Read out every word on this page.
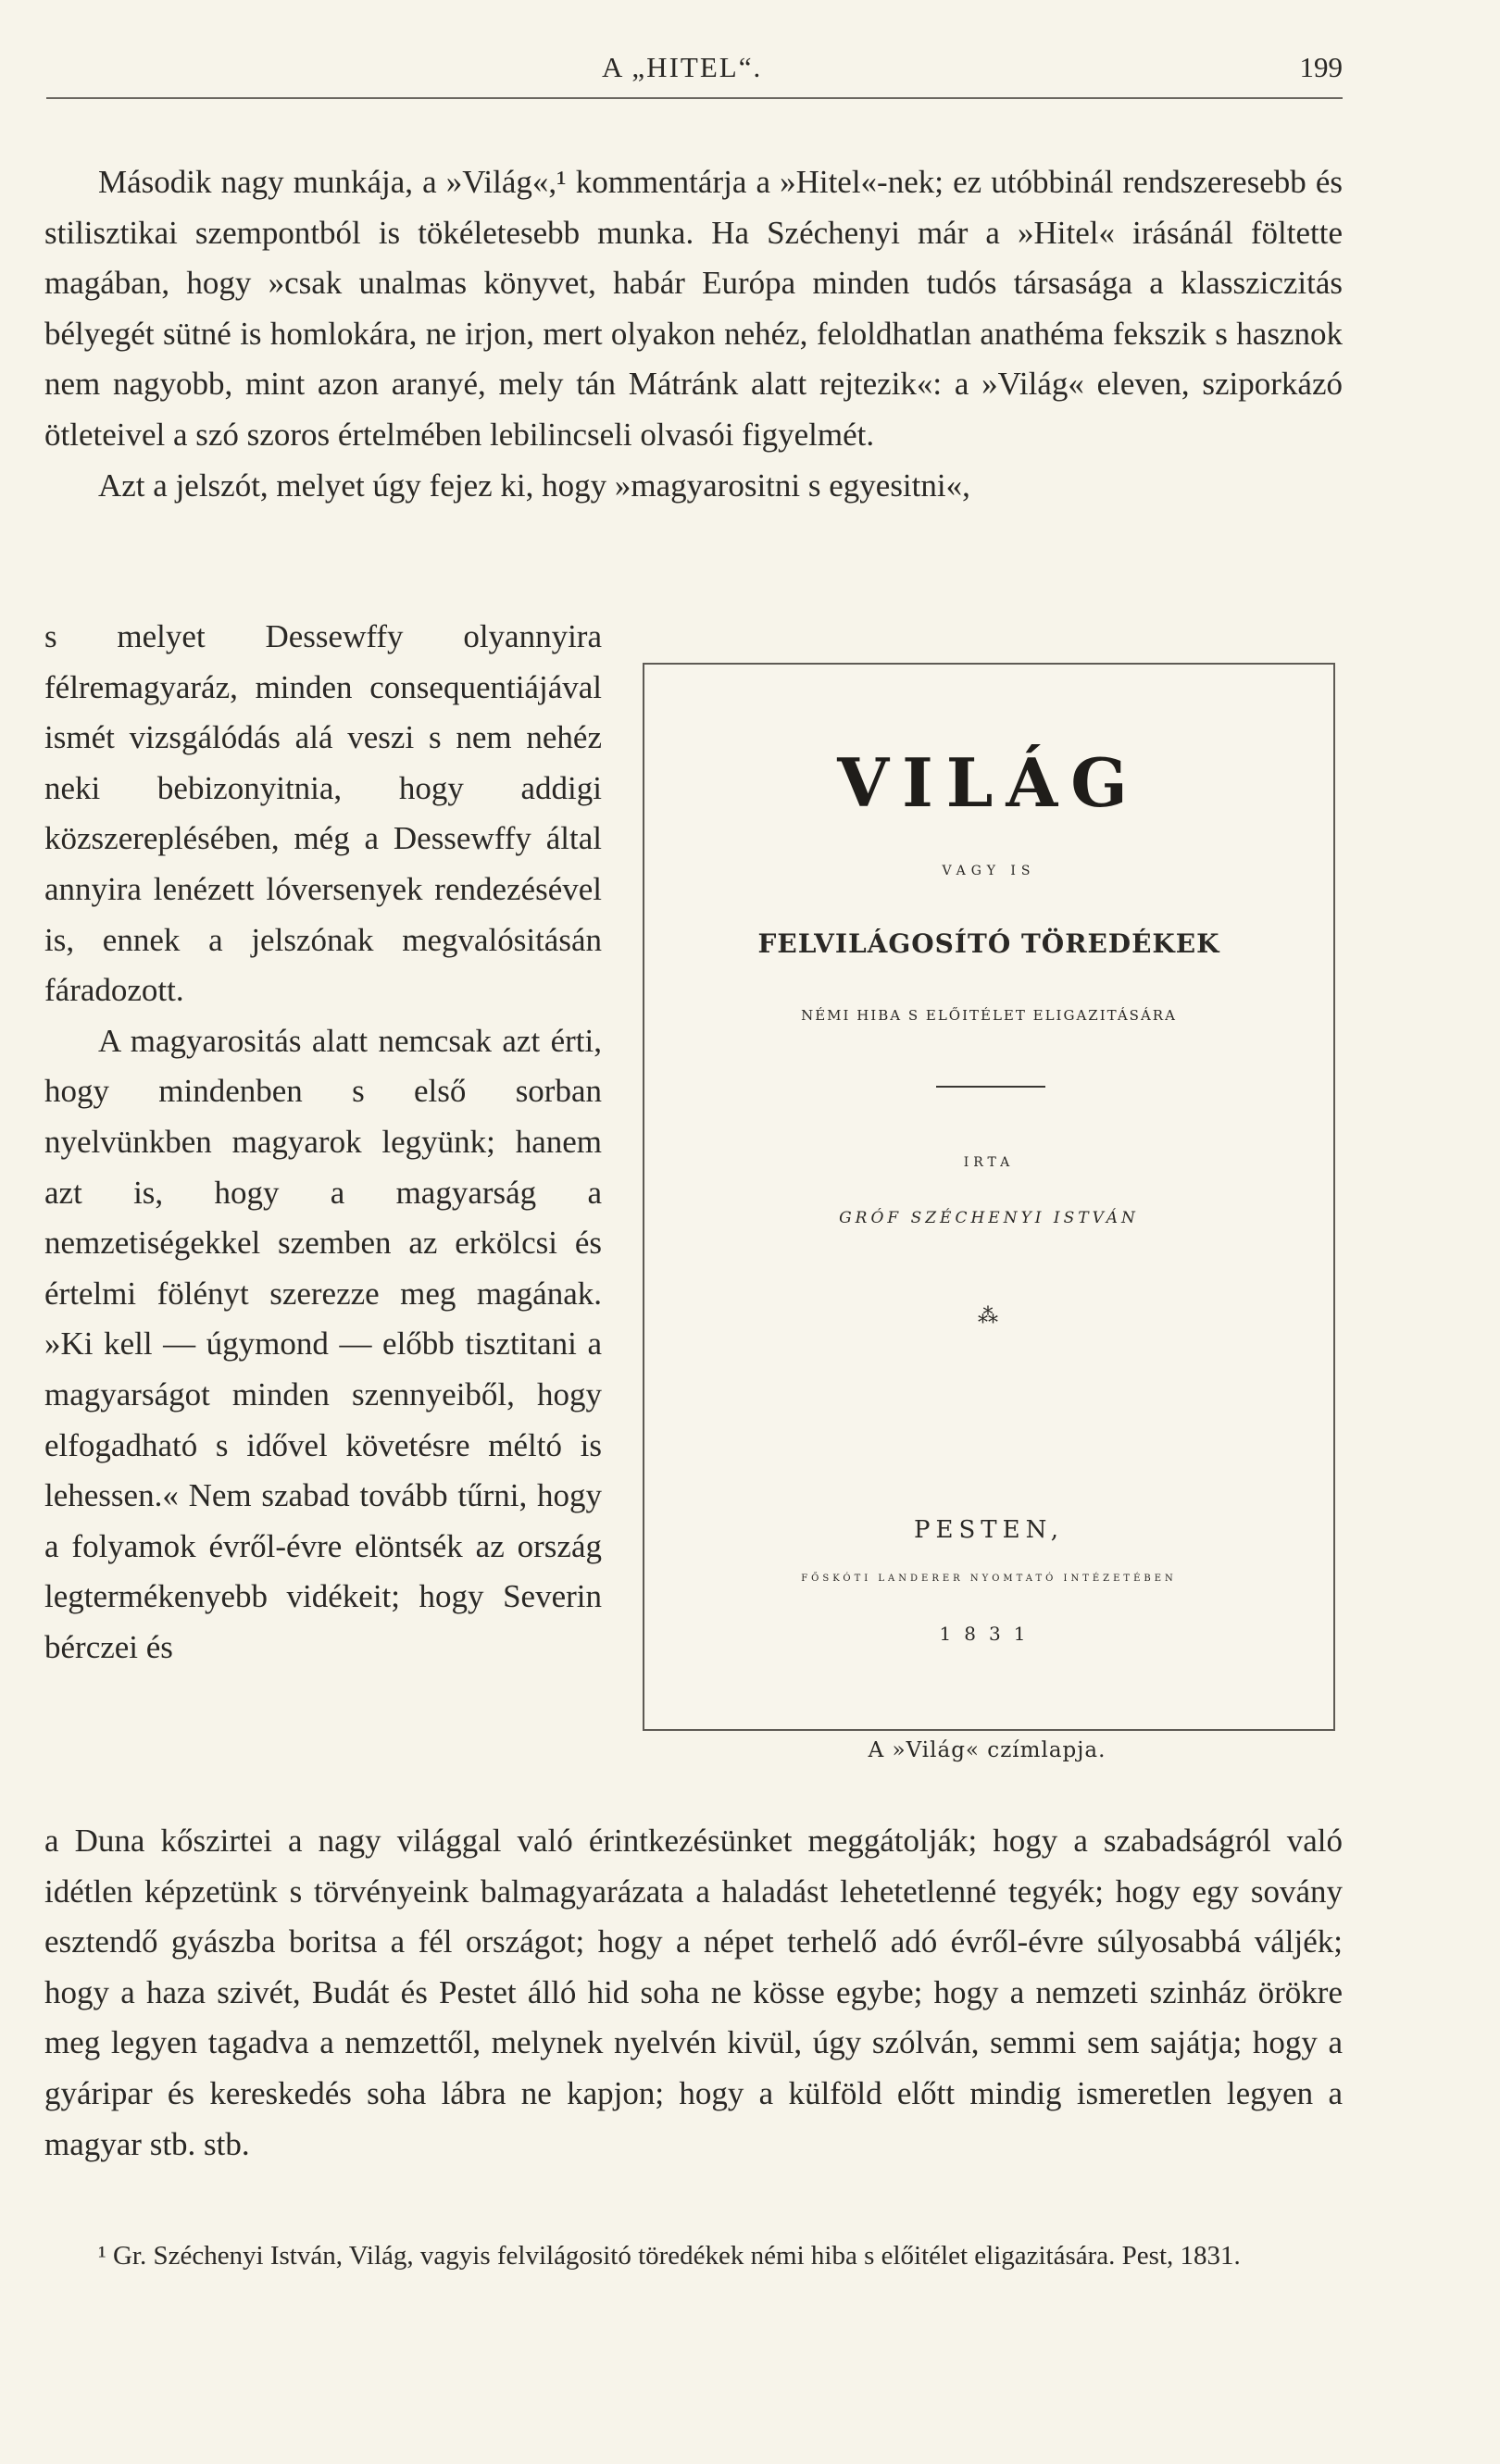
A „HITEL“.	199

Második nagy munkája, a »Világ«,¹ kommentárja a »Hitel«-nek; ez utóbbinál rendszeresebb és stilisztikai szempontból is tökéletesebb munka. Ha Széchenyi már a »Hitel« irásánál föltette magában, hogy »csak unalmas könyvet, habár Európa minden tudós társasága a klassziczitás bélyegét sütné is homlokára, ne irjon, mert olyakon nehéz, feloldhatlan anathéma fekszik s hasznok nem nagyobb, mint azon aranyé, mely tán Mátránk alatt rejtezik«: a »Világ« eleven, sziporkázó ötleteivel a szó szoros értelmében lebilincseli olvasói figyelmét.

Azt a jelszót, melyet úgy fejez ki, hogy »magyarositni s egyesitni«,

s melyet Dessewffy olyannyira félremagyaráz, minden consequentiájával ismét vizsgálódás alá veszi s nem nehéz neki bebizonyitnia, hogy addigi közszereplésében, még a Dessewffy által annyira lenézett lóversenyek rendezésével is, ennek a jelszónak megvalósitásán fáradozott.

A magyarositás alatt nemcsak azt érti, hogy mindenben s első sorban nyelvünkben magyarok legyünk; hanem azt is, hogy a magyarság a nemzetiségekkel szemben az erkölcsi és értelmi fölényt szerezze meg magának. »Ki kell — úgymond — előbb tisztitani a magyarságot minden szennyeiből, hogy elfogadható s idővel követésre méltó is lehessen.« Nem szabad tovább tűrni, hogy a folyamok évről-évre elöntsék az ország legtermékenyebb vidékeit; hogy Severin bérczei és

VILÁG
VAGY IS
FELVILÁGOSÍTÓ TÖREDÉKEK
NÉMI HIBA S ELŐITÉLET ELIGAZITÁSÁRA
IRTA
GRÓF SZÉCHENYI ISTVÁN
⁂
PESTEN,
FŐSKÓTI LANDERER NYOMTATÓ INTÉZETÉBEN
1831
A »Világ« czímlapja.

a Duna kőszirtei a nagy világgal való érintkezésünket meggátolják; hogy a szabadságról való idétlen képzetünk s törvényeink balmagyarázata a haladást lehetetlenné tegyék; hogy egy sovány esztendő gyászba boritsa a fél országot; hogy a népet terhelő adó évről-évre súlyosabbá váljék; hogy a haza szivét, Budát és Pestet álló hid soha ne kösse egybe; hogy a nemzeti szinház örökre meg legyen tagadva a nemzettől, melynek nyelvén kivül, úgy szólván, semmi sem sajátja; hogy a gyáripar és kereskedés soha lábra ne kapjon; hogy a külföld előtt mindig ismeretlen legyen a magyar stb. stb.

¹ Gr. Széchenyi István, Világ, vagyis felvilágositó töredékek némi hiba s előitélet eligazitására. Pest, 1831.
